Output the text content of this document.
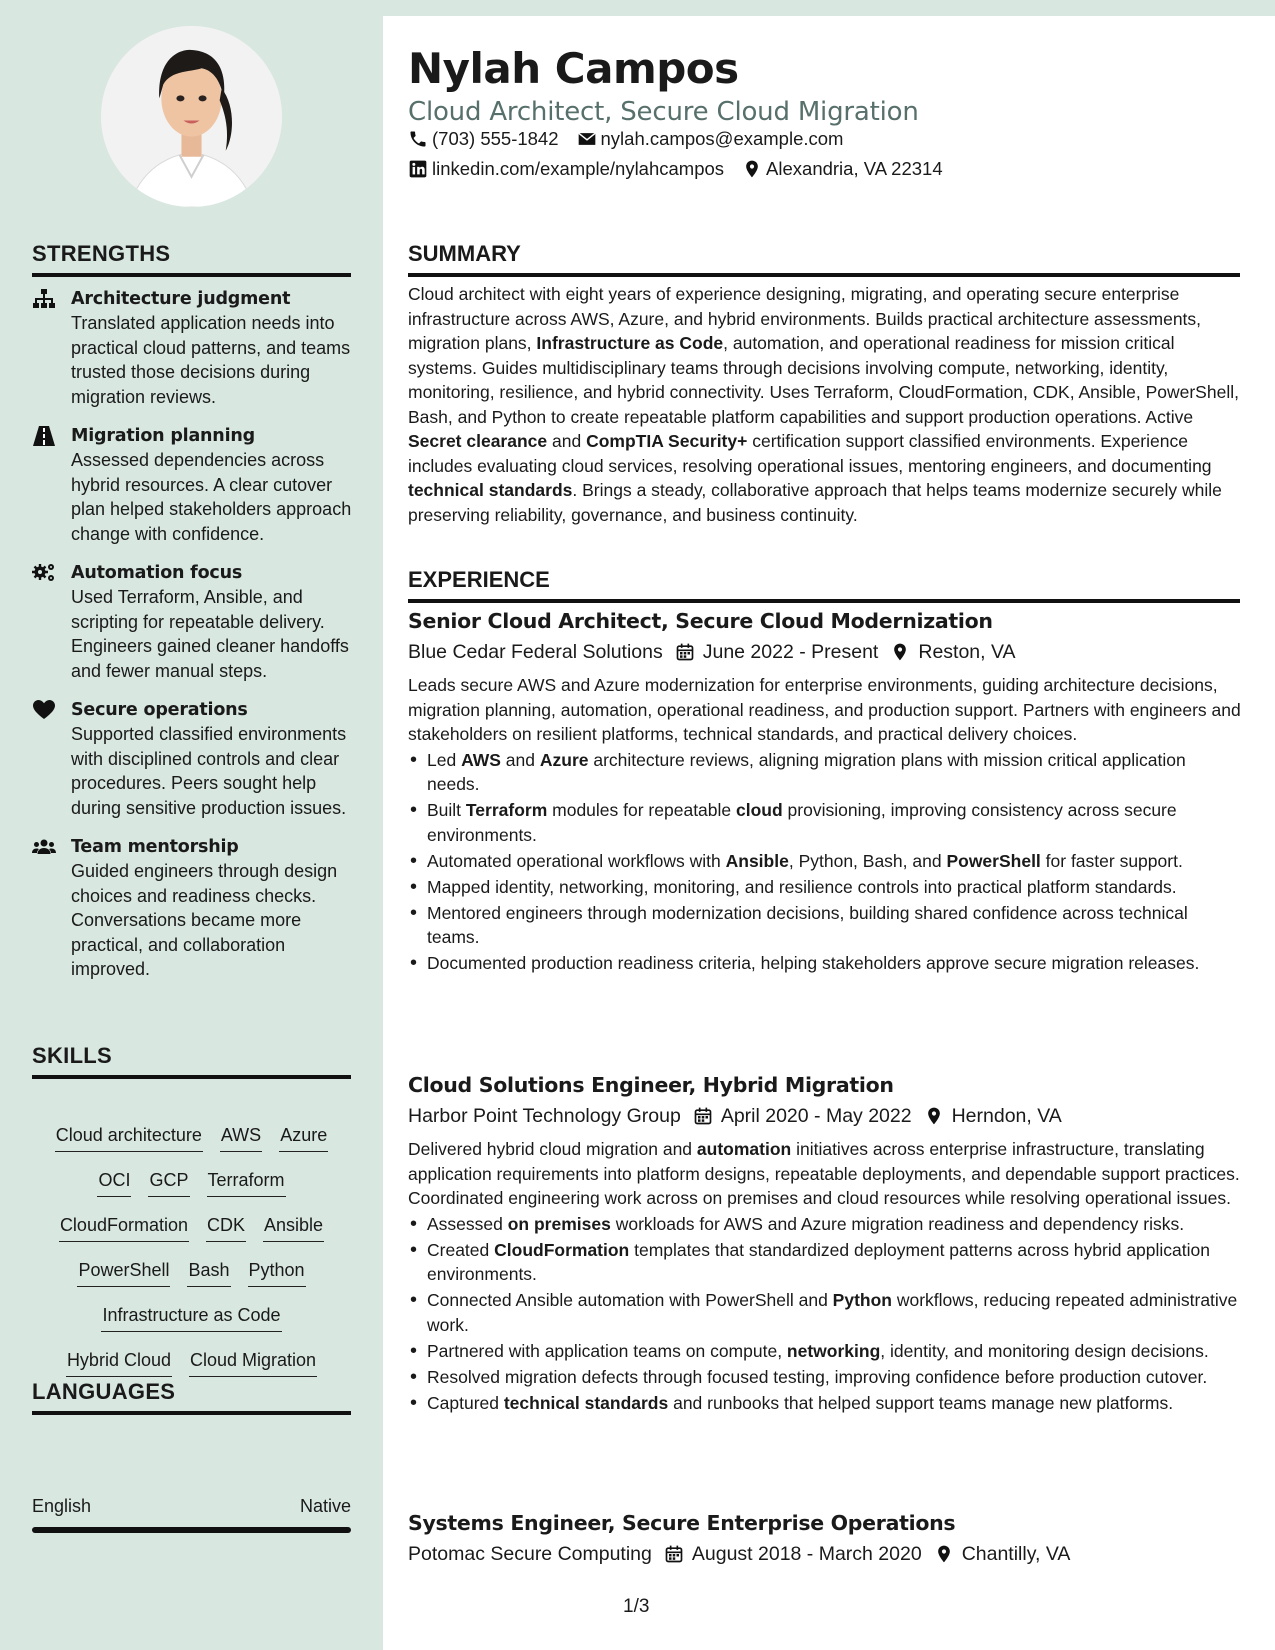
Nylah Campos
Cloud Architect, Secure Cloud Migration
(703) 555-1842 nylah.campos@example.com
linkedin.com/example/nylahcampos Alexandria, VA 22314
STRENGTHS
Architecture judgment
Translated application needs into practical cloud patterns, and teams trusted those decisions during migration reviews.
Migration planning
Assessed dependencies across hybrid resources. A clear cutover plan helped stakeholders approach change with confidence.
Automation focus
Used Terraform, Ansible, and scripting for repeatable delivery. Engineers gained cleaner handoffs and fewer manual steps.
Secure operations
Supported classified environments with disciplined controls and clear procedures. Peers sought help during sensitive production issues.
Team mentorship
Guided engineers through design choices and readiness checks. Conversations became more practical, and collaboration improved.
SKILLS
Cloud architecture AWS Azure
OCI GCP Terraform
CloudFormation CDK Ansible
PowerShell Bash Python
Infrastructure as Code
Hybrid Cloud Cloud Migration
LANGUAGES
English	Native
SUMMARY
Cloud architect with eight years of experience designing, migrating, and operating secure enterprise infrastructure across AWS, Azure, and hybrid environments. Builds practical architecture assessments, migration plans, Infrastructure as Code, automation, and operational readiness for mission critical systems. Guides multidisciplinary teams through decisions involving compute, networking, identity, monitoring, resilience, and hybrid connectivity. Uses Terraform, CloudFormation, CDK, Ansible, PowerShell, Bash, and Python to create repeatable platform capabilities and support production operations. Active Secret clearance and CompTIA Security+ certification support classified environments. Experience includes evaluating cloud services, resolving operational issues, mentoring engineers, and documenting technical standards. Brings a steady, collaborative approach that helps teams modernize securely while preserving reliability, governance, and business continuity.
EXPERIENCE
Senior Cloud Architect, Secure Cloud Modernization
Blue Cedar Federal Solutions June 2022 - Present Reston, VA
Leads secure AWS and Azure modernization for enterprise environments, guiding architecture decisions, migration planning, automation, operational readiness, and production support. Partners with engineers and stakeholders on resilient platforms, technical standards, and practical delivery choices.
• Led AWS and Azure architecture reviews, aligning migration plans with mission critical application needs.
• Built Terraform modules for repeatable cloud provisioning, improving consistency across secure environments.
• Automated operational workflows with Ansible, Python, Bash, and PowerShell for faster support.
• Mapped identity, networking, monitoring, and resilience controls into practical platform standards.
• Mentored engineers through modernization decisions, building shared confidence across technical teams.
• Documented production readiness criteria, helping stakeholders approve secure migration releases.
Cloud Solutions Engineer, Hybrid Migration
Harbor Point Technology Group April 2020 - May 2022 Herndon, VA
Delivered hybrid cloud migration and automation initiatives across enterprise infrastructure, translating application requirements into platform designs, repeatable deployments, and dependable support practices. Coordinated engineering work across on premises and cloud resources while resolving operational issues.
• Assessed on premises workloads for AWS and Azure migration readiness and dependency risks.
• Created CloudFormation templates that standardized deployment patterns across hybrid application environments.
• Connected Ansible automation with PowerShell and Python workflows, reducing repeated administrative work.
• Partnered with application teams on compute, networking, identity, and monitoring design decisions.
• Resolved migration defects through focused testing, improving confidence before production cutover.
• Captured technical standards and runbooks that helped support teams manage new platforms.
Systems Engineer, Secure Enterprise Operations
Potomac Secure Computing August 2018 - March 2020 Chantilly, VA
1/3
